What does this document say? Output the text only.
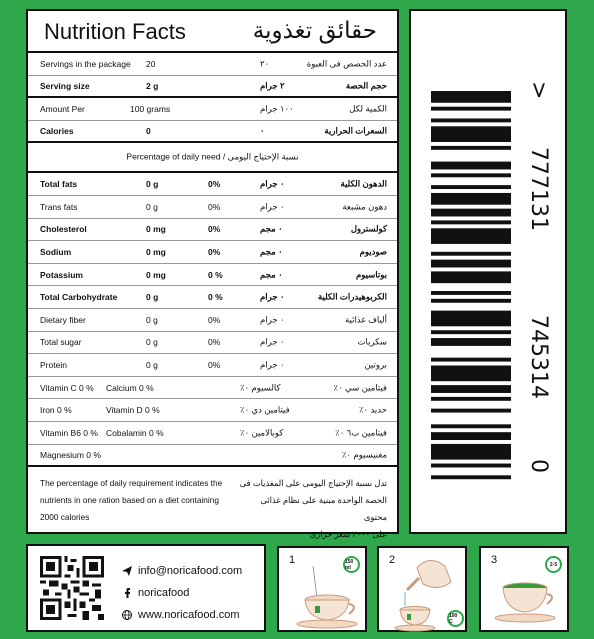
Nutrition Facts	حقائق تغذوية
Servings in the package 20	٢٠	عدد الحصص فى العبوة
Serving size	2 g	٢ جرام	حجم الحصة
Amount Per	100 grams	١٠٠ جرام	الكمية لكل
Calories	0	٠	السعرات الحرارية
Percentage of daily need / نسبة الإحتياج اليومى
Total fats	0 g	0%	٠ جرام	الدهون الكلية
Trans fats	0 g	0%	٠ جرام	دهون مشبعة
Cholesterol	0 mg	0%	٠ مجم	كولسترول
Sodium	0 mg	0%	٠ مجم	صوديوم
Potassium	0 mg	0 %	٠ مجم	بوتاسيوم
Total Carbohydrate	0 g	0 %	٠ جرام	الكربوهيدرات الكلية
Dietary fiber	0 g	0%	٠ جرام	ألياف غذائية
Total sugar	0 g	0%	٠ جرام	سكريات
Protein	0 g	0%	٠ جرام	بروتين
Vitamin C 0 % Calcium 0 %	كالسيوم ٠٪	فيتامين سي ٠٪
Iron 0 %	Vitamin D 0 %	فيتامين دي ٠٪	حديد ٠٪
Vitamin B6 0 % Cobalamin 0 %	كوبالامين ٠٪	فيتامين ب٦ ٠٪
Magnesium 0 %	مغنيسيوم ٠٪
The percentage of daily requirement indicates the
nutrients in one ration based on a diet containing
2000 calories
تدل نسبة الإحتياج اليومى على المغذيات فى
الحصة الواحدة مبنية على نظام غذائى محتوى
على ٢٠٠٠ سعر حرارى
>
777131
745314
0
info@noricafood.com
noricafood
www.noricafood.com
1	150 ml
2
100 C
3	2-5
